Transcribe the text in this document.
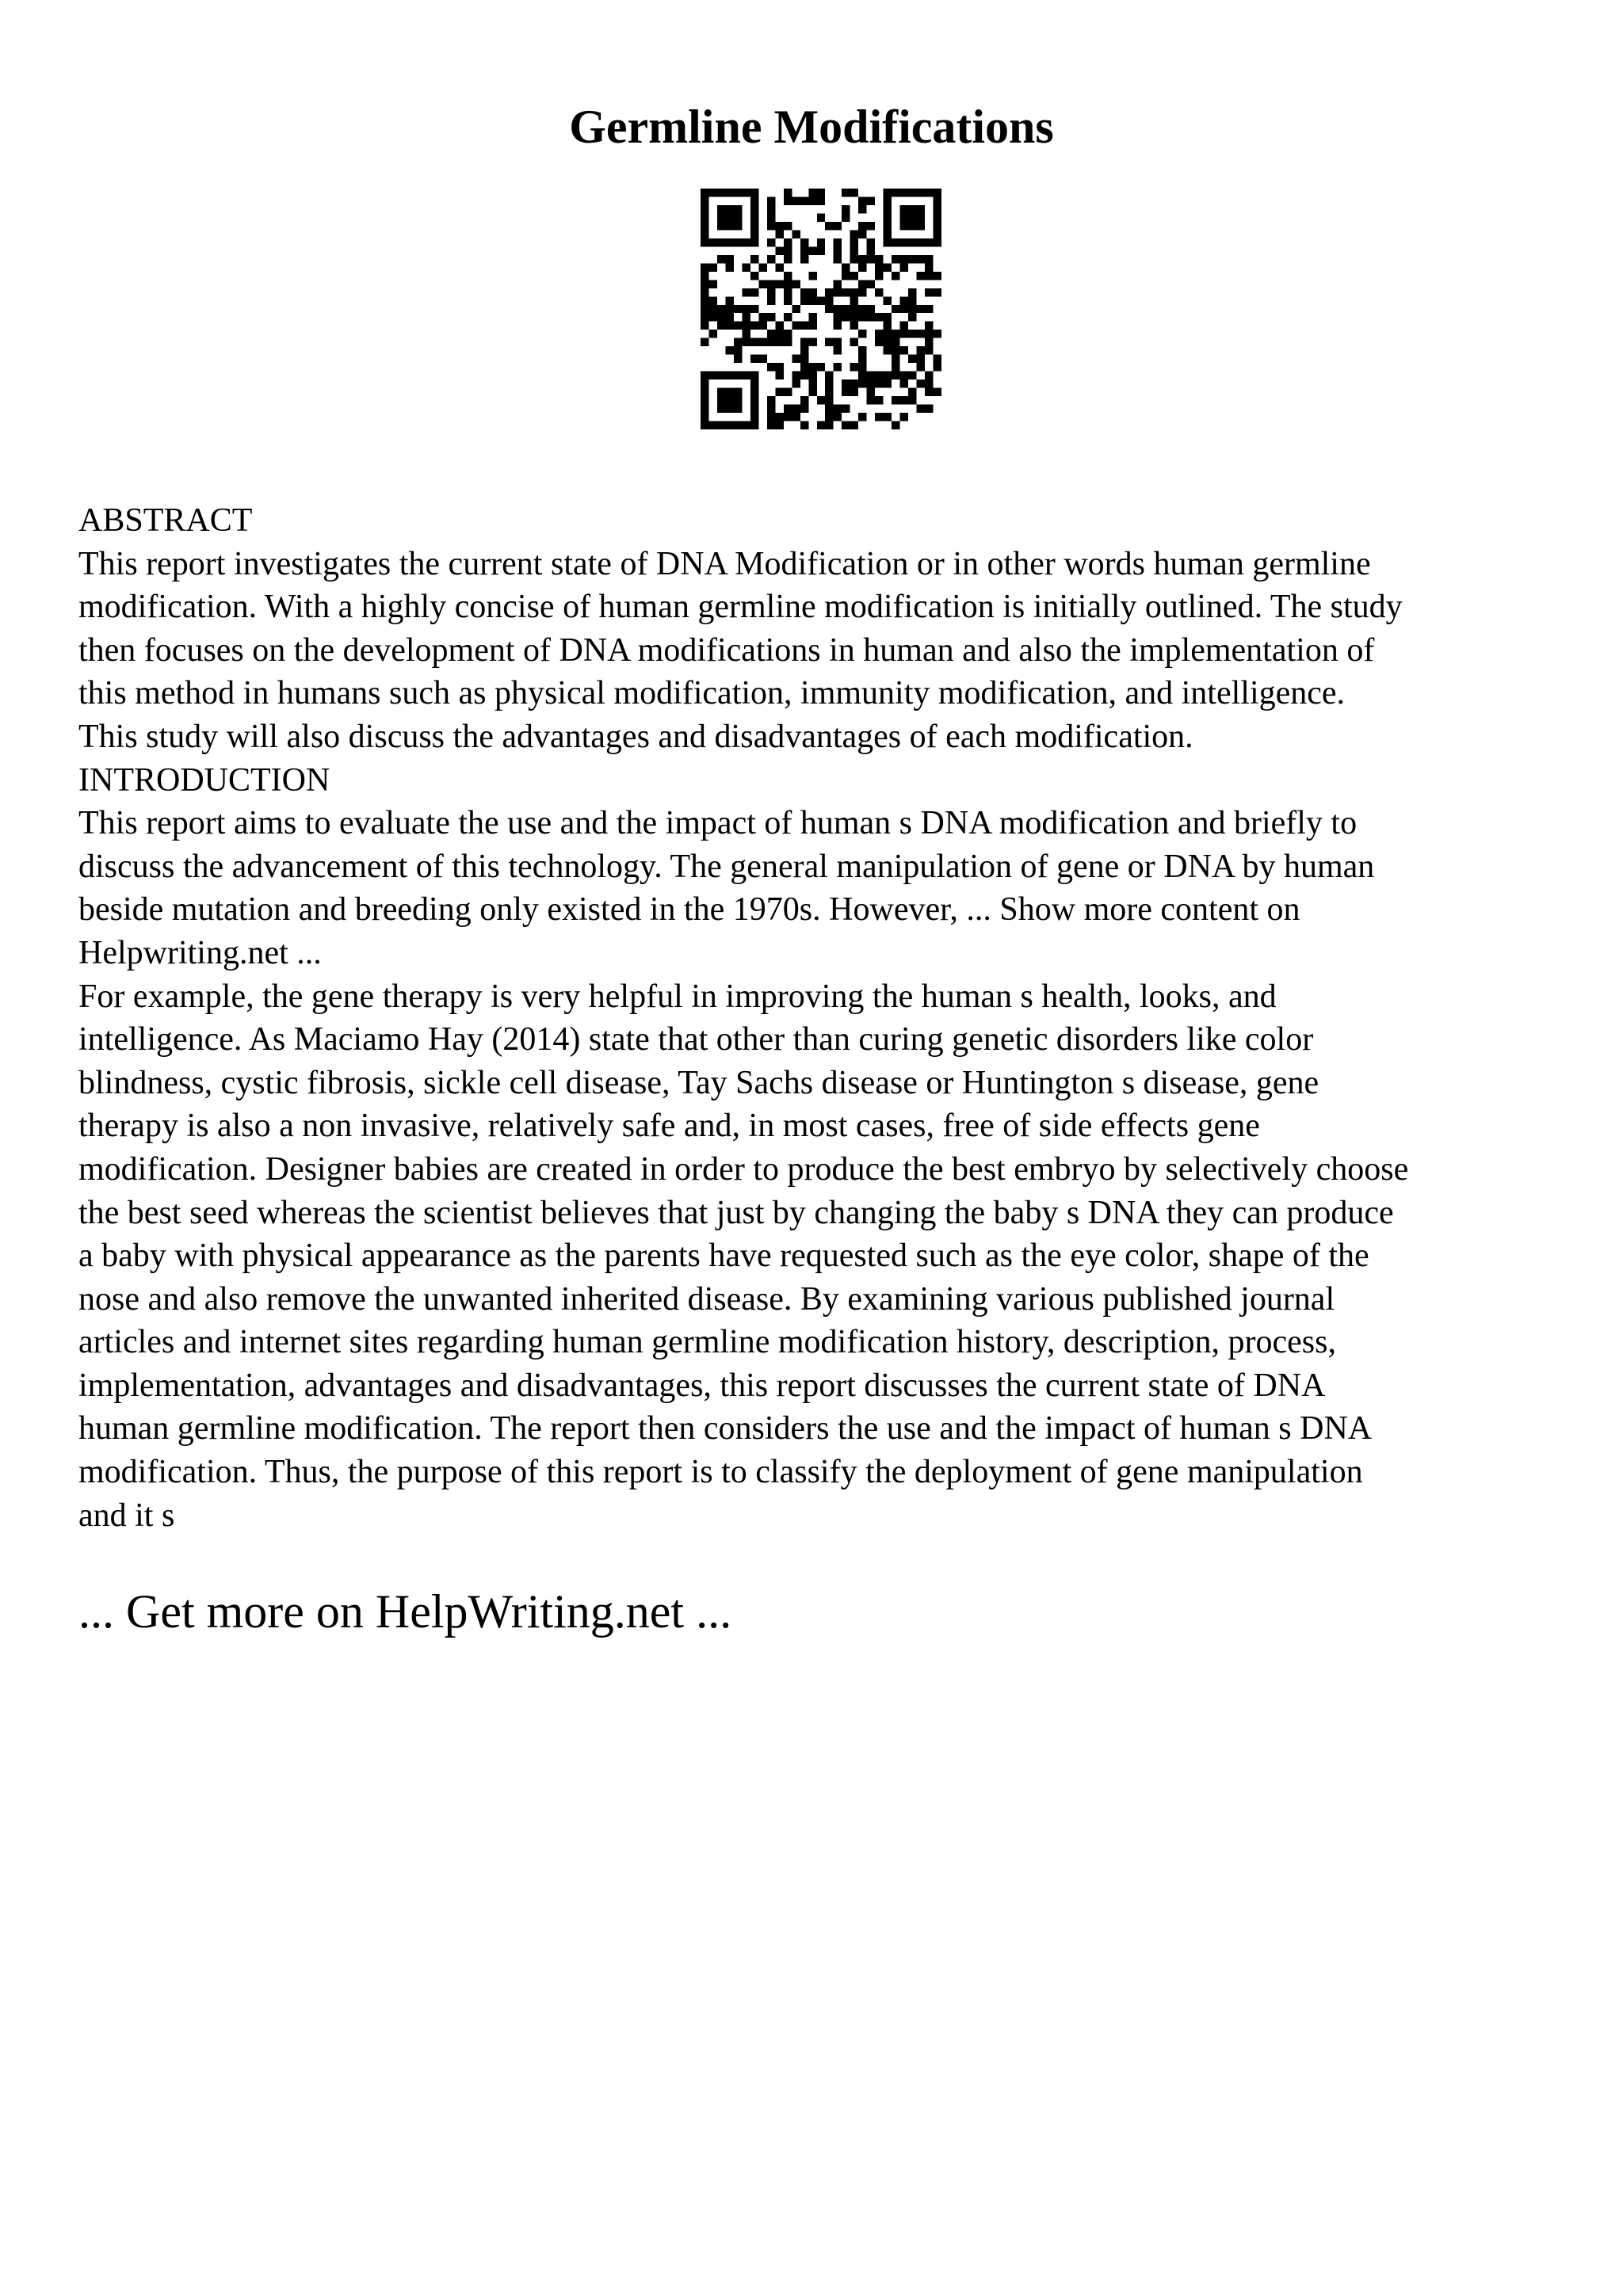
Germline Modifications
ABSTRACT
This report investigates the current state of DNA Modification or in other words human germline
modification. With a highly concise of human germline modification is initially outlined. The study
then focuses on the development of DNA modifications in human and also the implementation of
this method in humans such as physical modification, immunity modification, and intelligence.
This study will also discuss the advantages and disadvantages of each modification.
INTRODUCTION
This report aims to evaluate the use and the impact of human s DNA modification and briefly to
discuss the advancement of this technology. The general manipulation of gene or DNA by human
beside mutation and breeding only existed in the 1970s. However, ... Show more content on
Helpwriting.net ...
For example, the gene therapy is very helpful in improving the human s health, looks, and
intelligence. As Maciamo Hay (2014) state that other than curing genetic disorders like color
blindness, cystic fibrosis, sickle cell disease, Tay Sachs disease or Huntington s disease, gene
therapy is also a non invasive, relatively safe and, in most cases, free of side effects gene
modification. Designer babies are created in order to produce the best embryo by selectively choose
the best seed whereas the scientist believes that just by changing the baby s DNA they can produce
a baby with physical appearance as the parents have requested such as the eye color, shape of the
nose and also remove the unwanted inherited disease. By examining various published journal
articles and internet sites regarding human germline modification history, description, process,
implementation, advantages and disadvantages, this report discusses the current state of DNA
human germline modification. The report then considers the use and the impact of human s DNA
modification. Thus, the purpose of this report is to classify the deployment of gene manipulation
and it s
... Get more on HelpWriting.net ...
